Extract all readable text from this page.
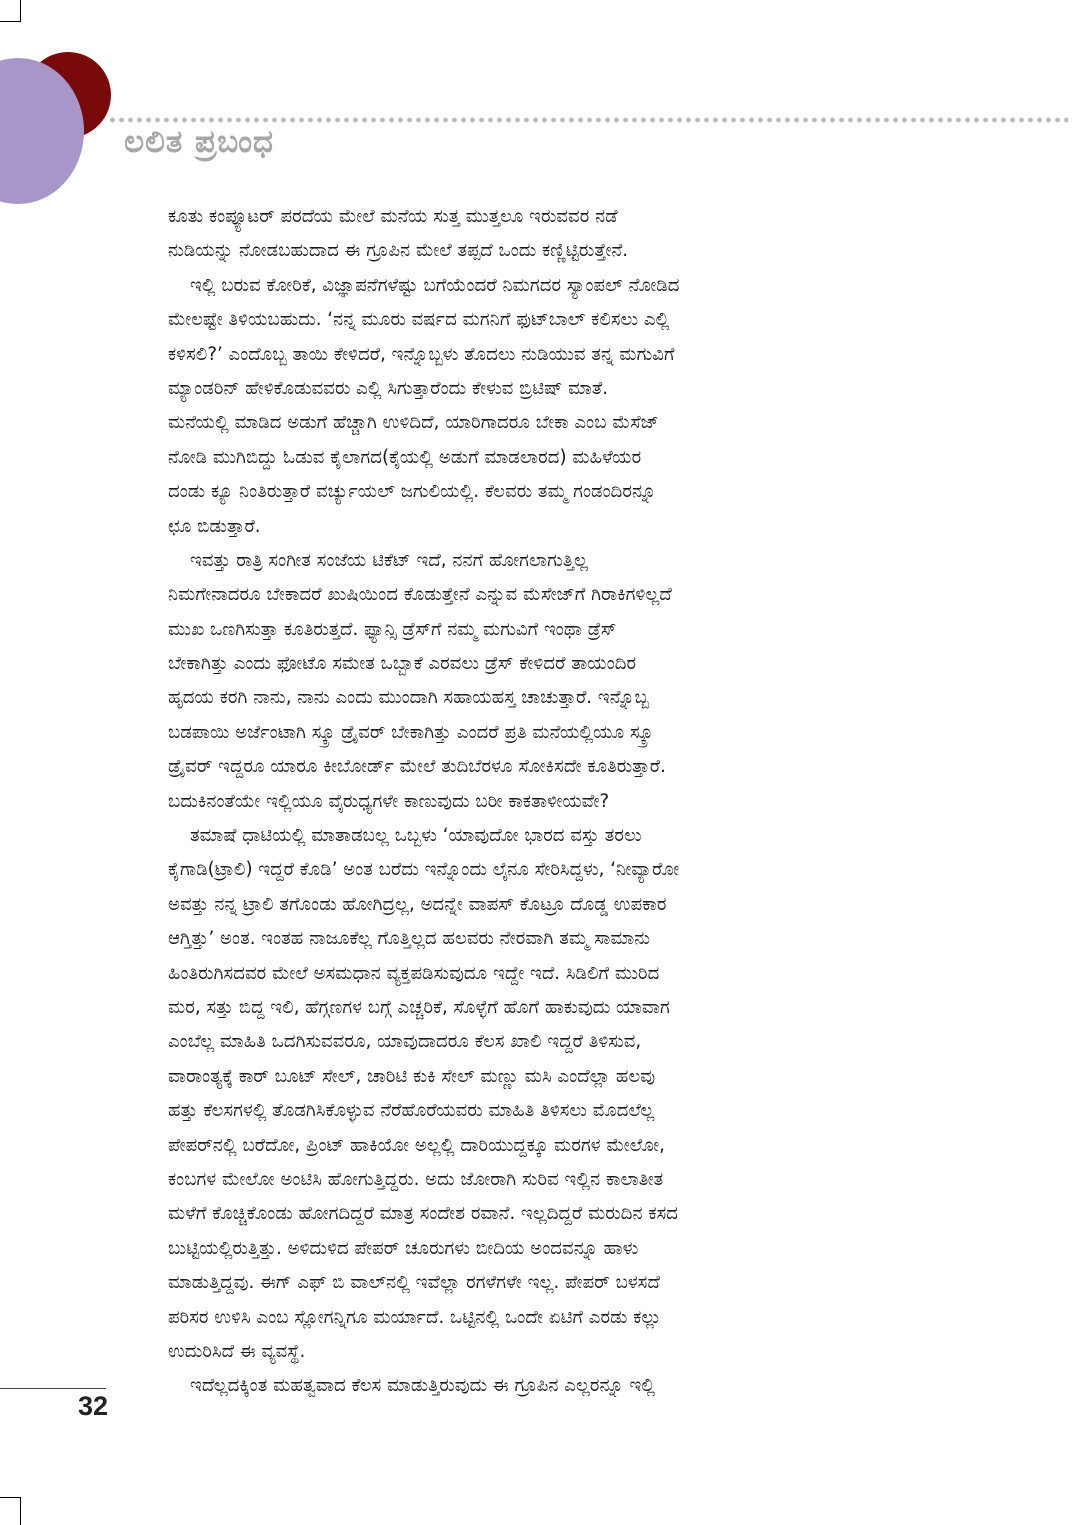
ಲಲಿತ ಪ್ರಬಂಧ
ಕೂತು ಕಂಪ್ಯೂಟರ್ ಪರದೆಯ ಮೇಲೆ ಮನೆಯ ಸುತ್ತ ಮುತ್ತಲೂ ಇರುವವರ ನಡೆ
ನುಡಿಯನ್ನು ನೋಡಬಹುದಾದ ಈ ಗ್ರೂಪಿನ ಮೇಲೆ ತಪ್ಪದೆ ಒಂದು ಕಣ್ಣಿಟ್ಟಿರುತ್ತೇನೆ.
ಇಲ್ಲಿ ಬರುವ ಕೋರಿಕೆ, ವಿಜ್ಞಾಪನೆಗಳೆಷ್ಟು ಬಗೆಯೆಂದರೆ ನಿಮಗದರ ಸ್ಯಾಂಪಲ್ ನೋಡಿದ
ಮೇಲಷ್ಟೇ ತಿಳಿಯಬಹುದು. ‘ನನ್ನ ಮೂರು ವರ್ಷದ ಮಗನಿಗೆ ಫುಟ್‌ಬಾಲ್ ಕಲಿಸಲು ಎಲ್ಲಿ
ಕಳಿಸಲಿ?’ ಎಂದೊಬ್ಬ ತಾಯಿ ಕೇಳಿದರೆ, ಇನ್ನೊಬ್ಬಳು ತೊದಲು ನುಡಿಯುವ ತನ್ನ ಮಗುವಿಗೆ
ಮ್ಯಾಂಡರಿನ್ ಹೇಳಿಕೊಡುವವರು ಎಲ್ಲಿ ಸಿಗುತ್ತಾರೆಂದು ಕೇಳುವ ಬ್ರಿಟಿಷ್ ಮಾತೆ.
ಮನೆಯಲ್ಲಿ ಮಾಡಿದ ಅಡುಗೆ ಹೆಚ್ಚಾಗಿ ಉಳಿದಿದೆ, ಯಾರಿಗಾದರೂ ಬೇಕಾ ಎಂಬ ಮೆಸೆಜ್
ನೋಡಿ ಮುಗಿಬಿದ್ದು ಓಡುವ ಕೈಲಾಗದ(ಕೈಯಲ್ಲಿ ಅಡುಗೆ ಮಾಡಲಾರದ) ಮಹಿಳೆಯರ
ದಂಡು ಕ್ಯೂ ನಿಂತಿರುತ್ತಾರೆ ವರ್ಚ್ಯುಯಲ್ ಜಗುಲಿಯಲ್ಲಿ. ಕೆಲವರು ತಮ್ಮ ಗಂಡಂದಿರನ್ನೂ
ಛೂ ಬಿಡುತ್ತಾರೆ.
ಇವತ್ತು ರಾತ್ರಿ ಸಂಗೀತ ಸಂಜೆಯ ಟಿಕೆಟ್ ಇದೆ, ನನಗೆ ಹೋಗಲಾಗುತ್ತಿಲ್ಲ
ನಿಮಗೇನಾದರೂ ಬೇಕಾದರೆ ಖುಷಿಯಿಂದ ಕೊಡುತ್ತೇನೆ ಎನ್ನುವ ಮೆಸೇಜ್‌ಗೆ ಗಿರಾಕಿಗಳಿಲ್ಲದೆ
ಮುಖ ಒಣಗಿಸುತ್ತಾ ಕೂತಿರುತ್ತದೆ. ಫ್ಯಾನ್ಸಿ ಡ್ರೆಸ್‌ಗೆ ನಮ್ಮ ಮಗುವಿಗೆ ಇಂಥಾ ಡ್ರೆಸ್
ಬೇಕಾಗಿತ್ತು ಎಂದು ಫೋಟೊ ಸಮೇತ ಒಬ್ಬಾಕೆ ಎರವಲು ಡ್ರೆಸ್ ಕೇಳಿದರೆ ತಾಯಂದಿರ
ಹೃದಯ ಕರಗಿ ನಾನು, ನಾನು ಎಂದು ಮುಂದಾಗಿ ಸಹಾಯಹಸ್ತ ಚಾಚುತ್ತಾರೆ. ಇನ್ನೊಬ್ಬ
ಬಡಪಾಯಿ ಅರ್ಜೆಂಟಾಗಿ ಸ್ಕ್ರೂ ಡ್ರೈವರ್ ಬೇಕಾಗಿತ್ತು ಎಂದರೆ ಪ್ರತಿ ಮನೆಯಲ್ಲಿಯೂ ಸ್ಕ್ರೂ
ಡ್ರೈವರ್ ಇದ್ದರೂ ಯಾರೂ ಕೀಬೋರ್ಡ್ ಮೇಲೆ ತುದಿಬೆರಳೂ ಸೋಕಿಸದೇ ಕೂತಿರುತ್ತಾರೆ.
ಬದುಕಿನಂತೆಯೇ ಇಲ್ಲಿಯೂ ವೈರುಧ್ಯಗಳೇ ಕಾಣುವುದು ಬರೀ ಕಾಕತಾಳೀಯವೇ?
ತಮಾಷೆ ಧಾಟಿಯಲ್ಲಿ ಮಾತಾಡಬಲ್ಲ ಒಬ್ಬಳು ‘ಯಾವುದೋ ಭಾರದ ವಸ್ತು ತರಲು
ಕೈಗಾಡಿ(ಟ್ರಾಲಿ) ಇದ್ದರೆ ಕೊಡಿ’ ಅಂತ ಬರೆದು ಇನ್ನೊಂದು ಲೈನೂ ಸೇರಿಸಿದ್ದಳು, ‘ನೀವ್ಯಾರೋ
ಅವತ್ತು ನನ್ನ ಟ್ರಾಲಿ ತಗೊಂಡು ಹೋಗಿದ್ರಲ್ಲ, ಅದನ್ನೇ ವಾಪಸ್ ಕೊಟ್ರೂ ದೊಡ್ಡ ಉಪಕಾರ
ಆಗ್ತಿತ್ತು’ ಅಂತ. ಇಂತಹ ನಾಜೂಕೆಲ್ಲ ಗೊತ್ತಿಲ್ಲದ ಹಲವರು ನೇರವಾಗಿ ತಮ್ಮ ಸಾಮಾನು
ಹಿಂತಿರುಗಿಸದವರ ಮೇಲೆ ಅಸಮಧಾನ ವ್ಯಕ್ತಪಡಿಸುವುದೂ ಇದ್ದೇ ಇದೆ. ಸಿಡಿಲಿಗೆ ಮುರಿದ
ಮರ, ಸತ್ತು ಬಿದ್ದ ಇಲಿ, ಹೆಗ್ಗಣಗಳ ಬಗ್ಗೆ ಎಚ್ಚರಿಕೆ, ಸೊಳ್ಳೆಗೆ ಹೊಗೆ ಹಾಕುವುದು ಯಾವಾಗ
ಎಂಬೆಲ್ಲ ಮಾಹಿತಿ ಒದಗಿಸುವವರೂ, ಯಾವುದಾದರೂ ಕೆಲಸ ಖಾಲಿ ಇದ್ದರೆ ತಿಳಿಸುವ,
ವಾರಾಂತ್ಯಕ್ಕೆ ಕಾರ್ ಬೂಟ್ ಸೇಲ್, ಚಾರಿಟಿ ಕುಕಿ ಸೇಲ್ ಮಣ್ಣು ಮಸಿ ಎಂದೆಲ್ಲಾ ಹಲವು
ಹತ್ತು ಕೆಲಸಗಳಲ್ಲಿ ತೊಡಗಿಸಿಕೊಳ್ಳುವ ನೆರೆಹೊರೆಯವರು ಮಾಹಿತಿ ತಿಳಿಸಲು ಮೊದಲೆಲ್ಲ
ಪೇಪರ್‌ನಲ್ಲಿ ಬರೆದೋ, ಪ್ರಿಂಟ್ ಹಾಕಿಯೋ ಅಲ್ಲಲ್ಲಿ ದಾರಿಯುದ್ದಕ್ಕೂ ಮರಗಳ ಮೇಲೋ,
ಕಂಬಗಳ ಮೇಲೋ ಅಂಟಿಸಿ ಹೋಗುತ್ತಿದ್ದರು. ಅದು ಜೋರಾಗಿ ಸುರಿವ ಇಲ್ಲಿನ ಕಾಲಾತೀತ
ಮಳೆಗೆ ಕೊಚ್ಚಿಕೊಂಡು ಹೋಗದಿದ್ದರೆ ಮಾತ್ರ ಸಂದೇಶ ರವಾನೆ. ಇಲ್ಲದಿದ್ದರೆ ಮರುದಿನ ಕಸದ
ಬುಟ್ಟಿಯಲ್ಲಿರುತ್ತಿತ್ತು. ಅಳಿದುಳಿದ ಪೇಪರ್ ಚೂರುಗಳು ಬೀದಿಯ ಅಂದವನ್ನೂ ಹಾಳು
ಮಾಡುತ್ತಿದ್ದವು. ಈಗ್ ಎಫ್ ಬಿ ವಾಲ್‌ನಲ್ಲಿ ಇವೆಲ್ಲಾ ರಗಳೆಗಳೇ ಇಲ್ಲ. ಪೇಪರ್ ಬಳಸದೆ
ಪರಿಸರ ಉಳಿಸಿ ಎಂಬ ಸ್ಲೋಗನ್ನಿಗೂ ಮರ್ಯಾದೆ. ಒಟ್ಟಿನಲ್ಲಿ ಒಂದೇ ಏಟಿಗೆ ಎರಡು ಕಲ್ಲು
ಉದುರಿಸಿದೆ ಈ ವ್ಯವಸ್ಥೆ.
ಇದೆಲ್ಲದಕ್ಕಿಂತ ಮಹತ್ವವಾದ ಕೆಲಸ ಮಾಡುತ್ತಿರುವುದು ಈ ಗ್ರೂಪಿನ ಎಲ್ಲರನ್ನೂ ಇಲ್ಲಿ
32
